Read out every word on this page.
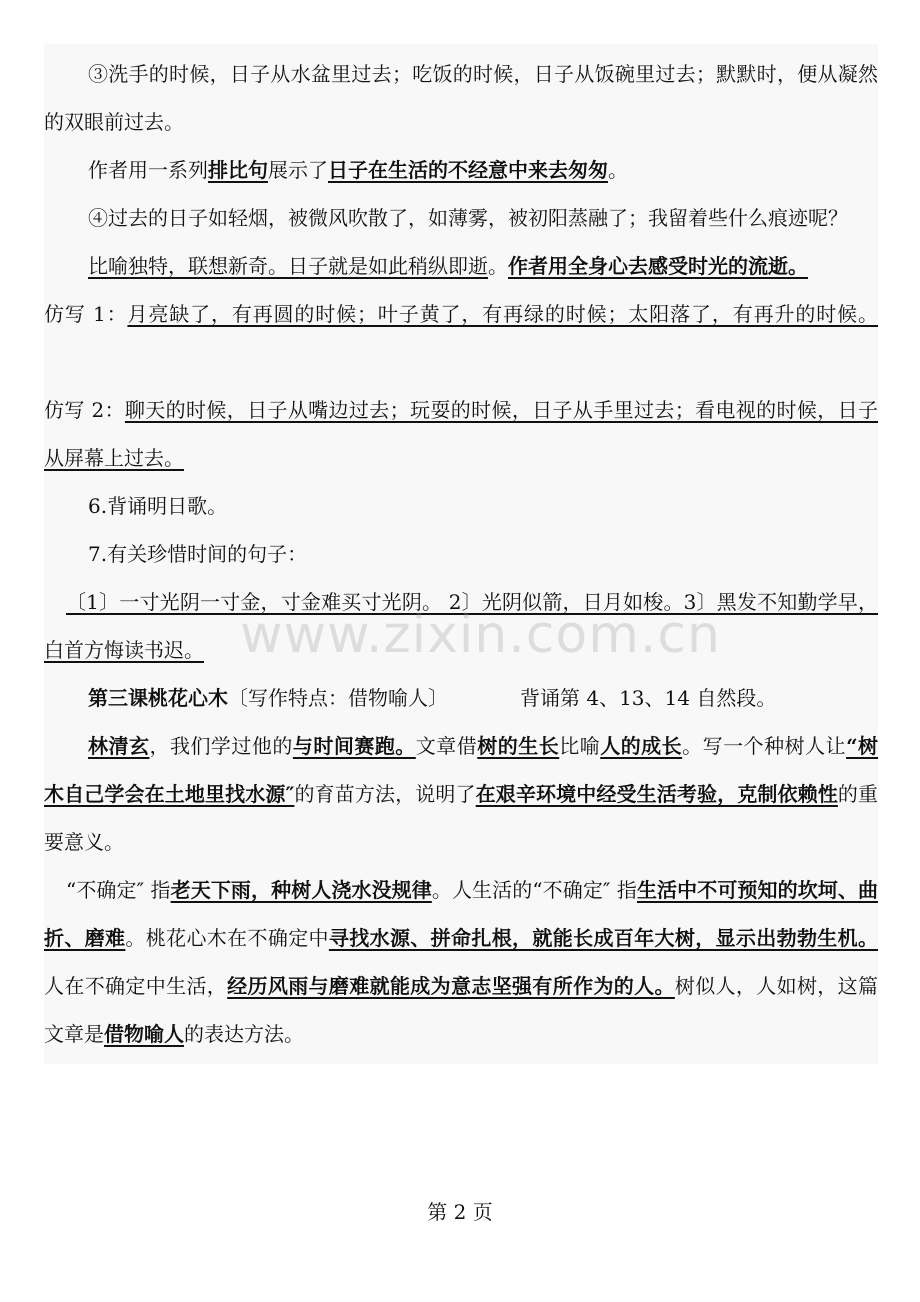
③洗手的时候，日子从水盆里过去；吃饭的时候，日子从饭碗里过去；默默时，便从凝然的双眼前过去。

作者用一系列排比句展示了日子在生活的不经意中来去匆匆。

④过去的日子如轻烟，被微风吹散了，如薄雾，被初阳蒸融了；我留着些什么痕迹呢？

比喻独特，联想新奇。日子就是如此稍纵即逝。作者用全身心去感受时光的流逝。

仿写 1：月亮缺了，有再圆的时候；叶子黄了，有再绿的时候；太阳落了，有再升的时候。

仿写 2：聊天的时候，日子从嘴边过去；玩耍的时候，日子从手里过去；看电视的时候，日子从屏幕上过去。

6.背诵明日歌。

7.有关珍惜时间的句子：

〔1〕一寸光阴一寸金，寸金难买寸光阴。 2〕光阴似箭，日月如梭。3〕黑发不知勤学早，白首方悔读书迟。

第三课桃花心木〔写作特点：借物喻人〕	背诵第 4、13、14 自然段。

林清玄，我们学过他的与时间赛跑。文章借树的生长比喻人的成长。写一个种树人让“树木自己学会在土地里找水源″的育苗方法，说明了在艰辛环境中经受生活考验，克制依赖性的重要意义。

“不确定″ 指老天下雨，种树人浇水没规律。人生活的“不确定″ 指生活中不可预知的坎坷、曲折、磨难。桃花心木在不确定中寻找水源、拼命扎根，就能长成百年大树，显示出勃勃生机。人在不确定中生活，经历风雨与磨难就能成为意志坚强有所作为的人。树似人，人如树，这篇文章是借物喻人的表达方法。

www.zixin.com.cn
第 2 页
